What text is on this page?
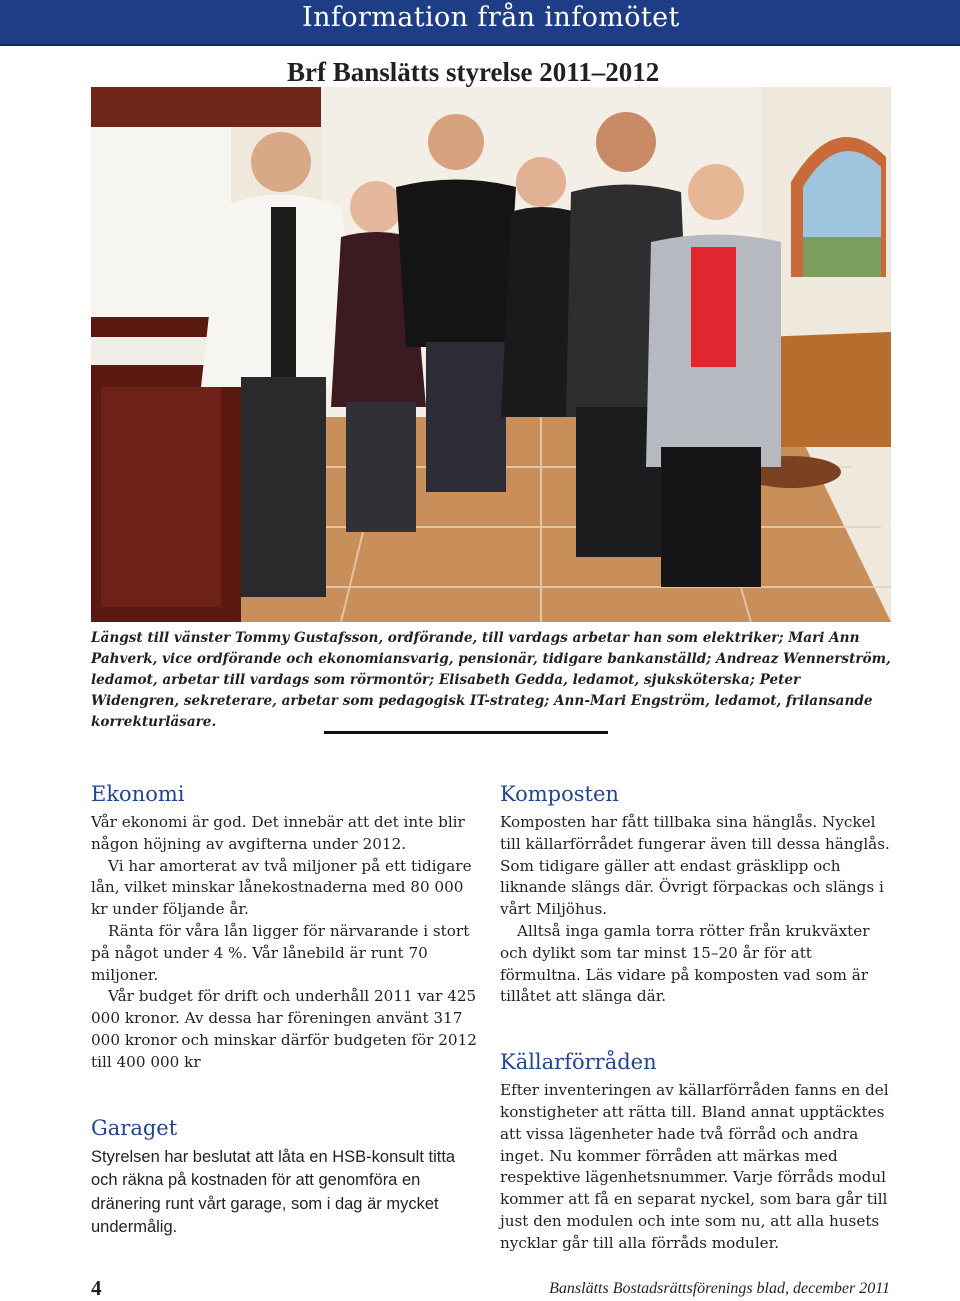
Information från infomötet
Brf Banslätts styrelse 2011–2012
Längst till vänster Tommy Gustafsson, ordförande, till vardags arbetar han som elektriker; Mari Ann Pahverk, vice ordförande och ekonomiansvarig, pensionär, tidigare bankanställd; Andreaz Wennerström, ledamot, arbetar till vardags som rörmontör; Elisabeth Gedda, ledamot, sjuksköterska; Peter Widengren, sekreterare, arbetar som pedagogisk IT-strateg; Ann-Mari Engström, ledamot, frilansande korrekturläsare.
Ekonomi

Vår ekonomi är god. Det innebär att det inte blir någon höjning av avgifterna under 2012.

Vi har amorterat av två miljoner på ett tidigare lån, vilket minskar lånekostnaderna med 80 000 kr under följande år.

Ränta för våra lån ligger för närvarande i stort på något under 4 %. Vår lånebild är runt 70 miljoner.

Vår budget för drift och underhåll 2011 var 425 000 kronor. Av dessa har föreningen använt 317 000 kronor och minskar därför budgeten för 2012 till 400 000 kr

Garaget

Styrelsen har beslutat att låta en HSB-konsult titta och räkna på kostnaden för att genomföra en dränering runt vårt garage, som i dag är mycket undermålig.

Komposten

Komposten har fått tillbaka sina hänglås. Nyckel till källarförrådet fungerar även till dessa hänglås. Som tidigare gäller att endast gräsklipp och liknande slängs där. Övrigt förpackas och slängs i vårt Miljöhus.

Alltså inga gamla torra rötter från krukväxter och dylikt som tar minst 15–20 år för att förmultna. Läs vidare på komposten vad som är tillåtet att slänga där.

Källarförråden

Efter inventeringen av källarförråden fanns en del konstigheter att rätta till. Bland annat upptäcktes att vissa lägenheter hade två förråd och andra inget. Nu kommer förråden att märkas med respektive lägenhetsnummer. Varje förråds modul kommer att få en separat nyckel, som bara går till just den modulen och inte som nu, att alla husets nycklar går till alla förråds moduler.

4	Banslätts Bostadsrättsförenings blad, december 2011
